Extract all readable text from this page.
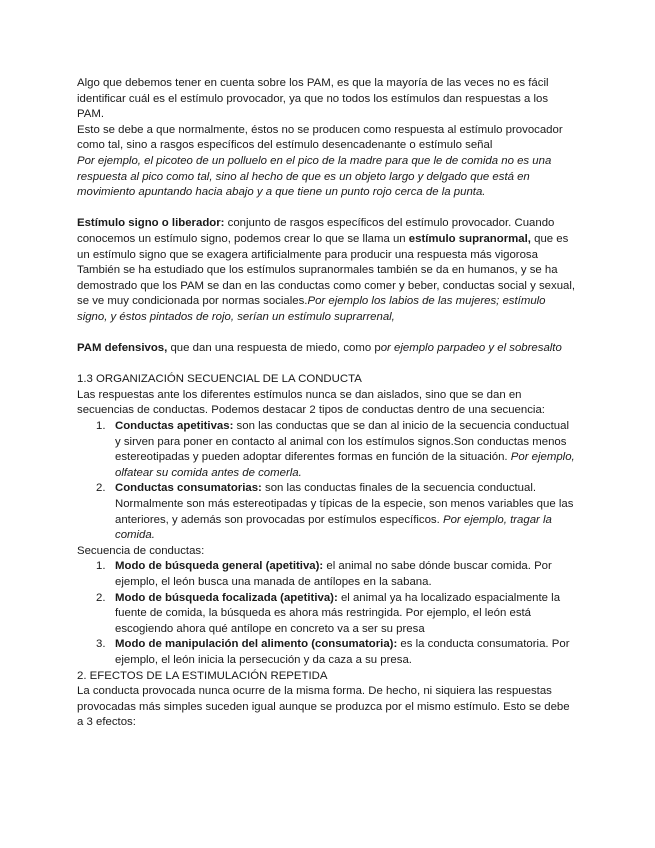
Algo que debemos tener en cuenta sobre los PAM, es que la mayoría de las veces no es fácil identificar cuál es el estímulo provocador, ya que no todos los estímulos dan respuestas a los PAM.

Esto se debe a que normalmente, éstos no se producen como respuesta al estímulo provocador como tal, sino a rasgos específicos del estímulo desencadenante o estímulo señal
Por ejemplo, el picoteo de un polluelo en el pico de la madre para que le de comida no es una respuesta al pico como tal, sino al hecho de que es un objeto largo y delgado que está en movimiento apuntando hacia abajo y a que tiene un punto rojo cerca de la punta.

Estímulo signo o liberador: conjunto de rasgos específicos del estímulo provocador. Cuando conocemos un estímulo signo, podemos crear lo que se llama un estímulo supranormal, que es un estímulo signo que se exagera artificialmente para producir una respuesta más vigorosa También se ha estudiado que los estímulos supranormales también se da en humanos, y se ha demostrado que los PAM se dan en las conductas como comer y beber, conductas social y sexual, se ve muy condicionada por normas sociales.Por ejemplo los labios de las mujeres; estímulo signo, y éstos pintados de rojo, serían un estímulo suprarrenal,

PAM defensivos, que dan una respuesta de miedo, como por ejemplo parpadeo y el sobresalto

1.3 ORGANIZACIÓN SECUENCIAL DE LA CONDUCTA

Las respuestas ante los diferentes estímulos nunca se dan aislados, sino que se dan en secuencias de conductas. Podemos destacar 2 tipos de conductas dentro de una secuencia:

1. Conductas apetitivas: son las conductas que se dan al inicio de la secuencia conductual y sirven para poner en contacto al animal con los estímulos signos.Son conductas menos estereotipadas y pueden adoptar diferentes formas en función de la situación. Por ejemplo, olfatear su comida antes de comerla.
2. Conductas consumatorias: son las conductas finales de la secuencia conductual. Normalmente son más estereotipadas y típicas de la especie, son menos variables que las anteriores, y además son provocadas por estímulos específicos. Por ejemplo, tragar la comida.

Secuencia de conductas:

1. Modo de búsqueda general (apetitiva): el animal no sabe dónde buscar comida. Por ejemplo, el león busca una manada de antílopes en la sabana.
2. Modo de búsqueda focalizada (apetitiva): el animal ya ha localizado espacialmente la fuente de comida, la búsqueda es ahora más restringida. Por ejemplo, el león está escogiendo ahora qué antílope en concreto va a ser su presa
3. Modo de manipulación del alimento (consumatoria): es la conducta consumatoria. Por ejemplo, el león inicia la persecución y da caza a su presa.

2. EFECTOS DE LA ESTIMULACIÓN REPETIDA

La conducta provocada nunca ocurre de la misma forma. De hecho, ni siquiera las respuestas provocadas más simples suceden igual aunque se produzca por el mismo estímulo. Esto se debe a 3 efectos:
